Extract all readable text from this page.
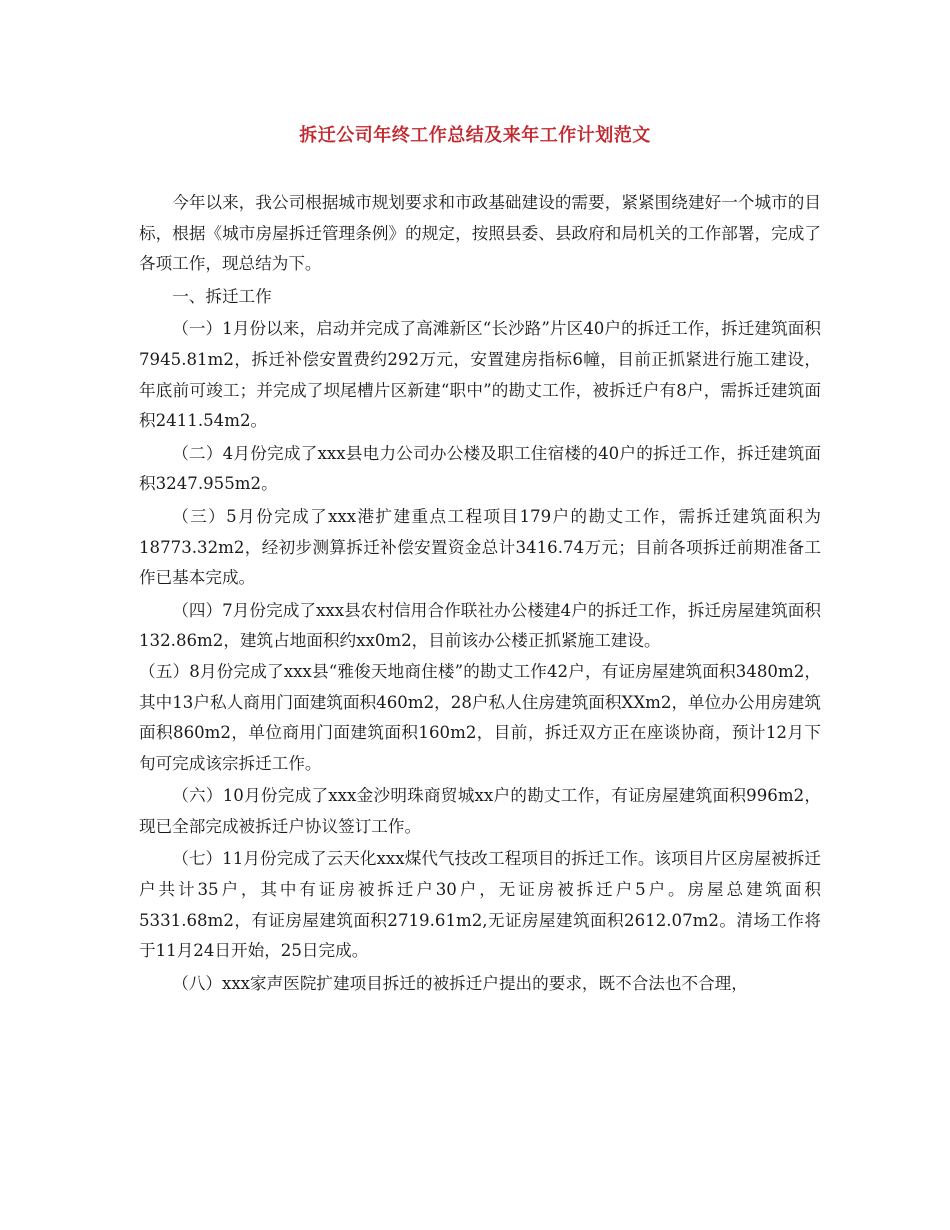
拆迁公司年终工作总结及来年工作计划范文

今年以来，我公司根据城市规划要求和市政基础建设的需要，紧紧围绕建好一个城市的目标，根据《城市房屋拆迁管理条例》的规定，按照县委、县政府和局机关的工作部署，完成了各项工作，现总结为下。

一、拆迁工作

（一）1月份以来，启动并完成了高滩新区“长沙路”片区40户的拆迁工作，拆迁建筑面积7945.81m2，拆迁补偿安置费约292万元，安置建房指标6幢，目前正抓紧进行施工建设，年底前可竣工；并完成了坝尾槽片区新建“职中”的勘丈工作，被拆迁户有8户，需拆迁建筑面积2411.54m2。

（二）4月份完成了xxx县电力公司办公楼及职工住宿楼的40户的拆迁工作，拆迁建筑面积3247.955m2。

（三）5月份完成了xxx港扩建重点工程项目179户的勘丈工作，需拆迁建筑面积为18773.32m2，经初步测算拆迁补偿安置资金总计3416.74万元；目前各项拆迁前期准备工作已基本完成。

（四）7月份完成了xxx县农村信用合作联社办公楼建4户的拆迁工作，拆迁房屋建筑面积132.86m2，建筑占地面积约xx0m2，目前该办公楼正抓紧施工建设。

（五）8月份完成了xxx县“雅俊天地商住楼”的勘丈工作42户，有证房屋建筑面积3480m2，其中13户私人商用门面建筑面积460m2，28户私人住房建筑面积XXm2，单位办公用房建筑面积860m2，单位商用门面建筑面积160m2，目前，拆迁双方正在座谈协商，预计12月下旬可完成该宗拆迁工作。

（六）10月份完成了xxx金沙明珠商贸城xx户的勘丈工作，有证房屋建筑面积996m2，现已全部完成被拆迁户协议签订工作。

（七）11月份完成了云天化xxx煤代气技改工程项目的拆迁工作。该项目片区房屋被拆迁户共计35户，其中有证房被拆迁户30户，无证房被拆迁户5户。房屋总建筑面积5331.68m2，有证房屋建筑面积2719.61m2,无证房屋建筑面积2612.07m2。清场工作将于11月24日开始，25日完成。

（八）xxx家声医院扩建项目拆迁的被拆迁户提出的要求，既不合法也不合理，
